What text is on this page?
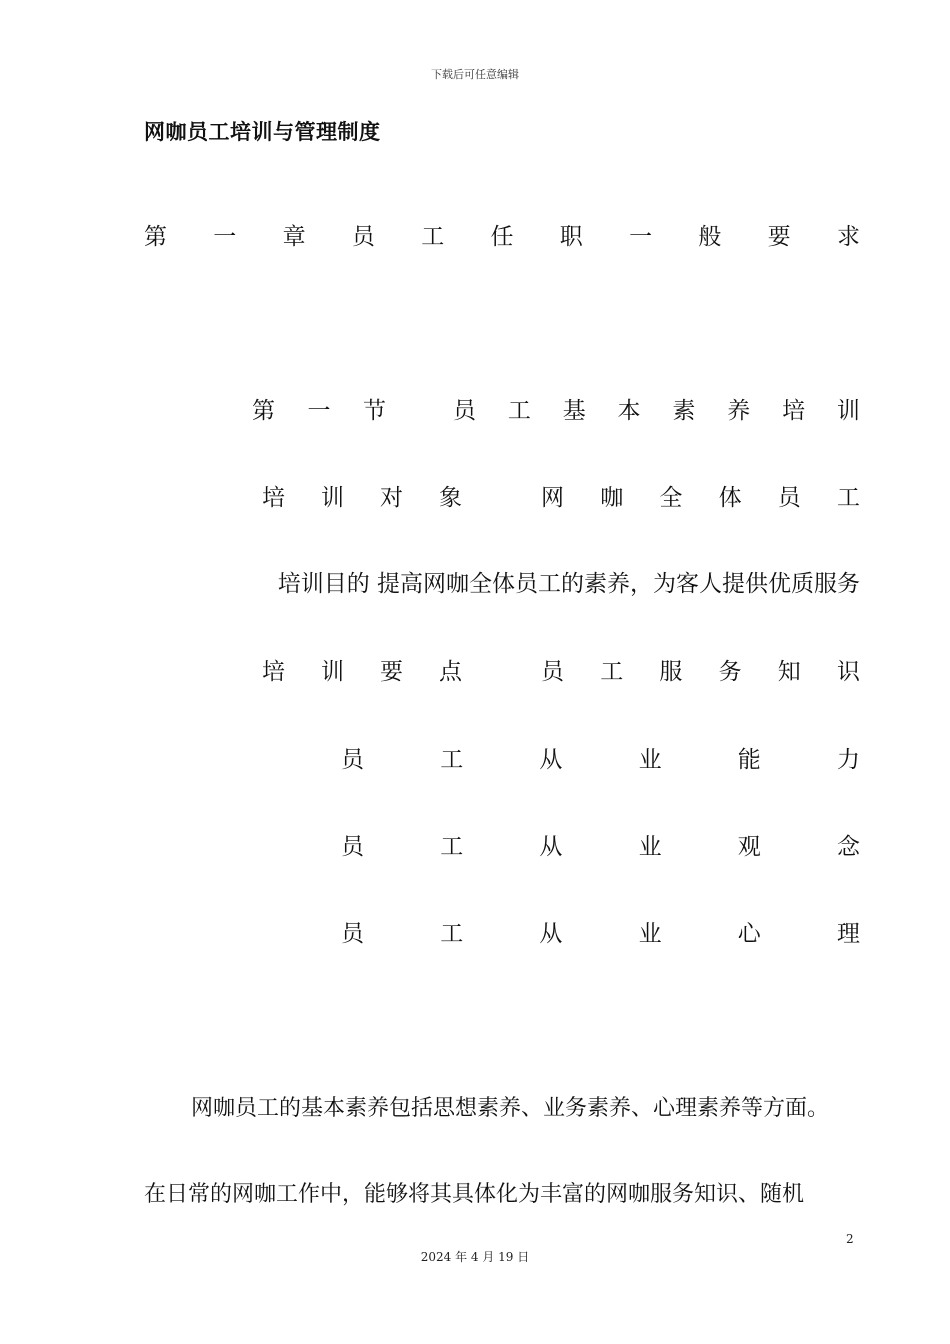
下载后可任意编辑
网咖员工培训与管理制度
第 一 章 员 工 任 职 一 般 要 求
第 一 节	员 工 基 本 素 养 培 训
培 训 对 象	网 咖 全 体 员 工
培训目的 提高网咖全体员工的素养，为客人提供优质服务
培 训 要 点	员 工 服 务 知 识
员	工	从	业	能	力
员	工	从	业	观	念
员	工	从	业	心	理
网咖员工的基本素养包括思想素养、业务素养、心理素养等方面。
在日常的网咖工作中，能够将其具体化为丰富的网咖服务知识、随机
2
2024 年 4 月 19 日
